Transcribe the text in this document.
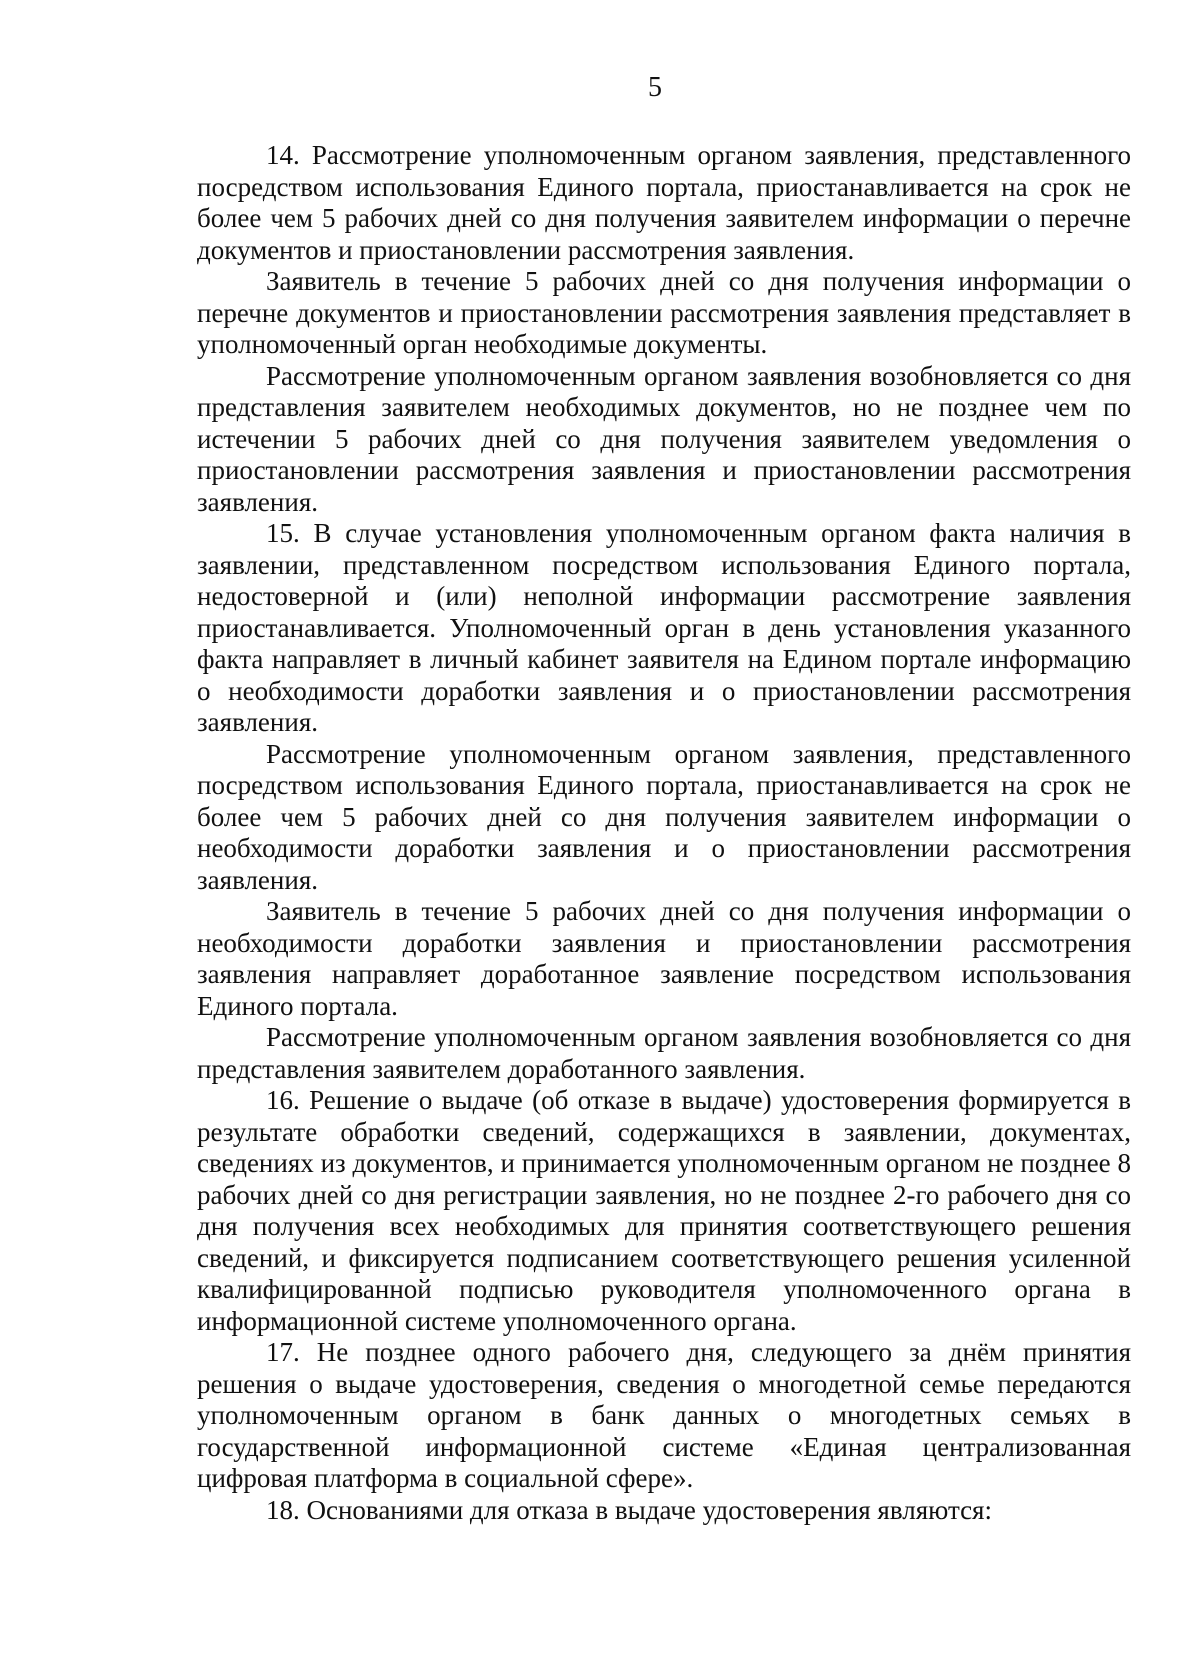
5

14. Рассмотрение уполномоченным органом заявления, представленного посредством использования Единого портала, приостанавливается на срок не более чем 5 рабочих дней со дня получения заявителем информации о перечне документов и приостановлении рассмотрения заявления.

Заявитель в течение 5 рабочих дней со дня получения информации о перечне документов и приостановлении рассмотрения заявления представляет в уполномоченный орган необходимые документы.

Рассмотрение уполномоченным органом заявления возобновляется со дня представления заявителем необходимых документов, но не позднее чем по истечении 5 рабочих дней со дня получения заявителем уведомления о приостановлении рассмотрения заявления и приостановлении рассмотрения заявления.

15. В случае установления уполномоченным органом факта наличия в заявлении, представленном посредством использования Единого портала, недостоверной и (или) неполной информации рассмотрение заявления приостанавливается. Уполномоченный орган в день установления указанного факта направляет в личный кабинет заявителя на Едином портале информацию о необходимости доработки заявления и о приостановлении рассмотрения заявления.

Рассмотрение уполномоченным органом заявления, представленного посредством использования Единого портала, приостанавливается на срок не более чем 5 рабочих дней со дня получения заявителем информации о необходимости доработки заявления и о приостановлении рассмотрения заявления.

Заявитель в течение 5 рабочих дней со дня получения информации о необходимости доработки заявления и приостановлении рассмотрения заявления направляет доработанное заявление посредством использования Единого портала.

Рассмотрение уполномоченным органом заявления возобновляется со дня представления заявителем доработанного заявления.

16. Решение о выдаче (об отказе в выдаче) удостоверения формируется в результате обработки сведений, содержащихся в заявлении, документах, сведениях из документов, и принимается уполномоченным органом не позднее 8 рабочих дней со дня регистрации заявления, но не позднее 2-го рабочего дня со дня получения всех необходимых для принятия соответствующего решения сведений, и фиксируется подписанием соответствующего решения усиленной квалифицированной подписью руководителя уполномоченного органа в информационной системе уполномоченного органа.

17. Не позднее одного рабочего дня, следующего за днём принятия решения о выдаче удостоверения, сведения о многодетной семье передаются уполномоченным органом в банк данных о многодетных семьях в государственной информационной системе «Единая централизованная цифровая платформа в социальной сфере».

18. Основаниями для отказа в выдаче удостоверения являются:
